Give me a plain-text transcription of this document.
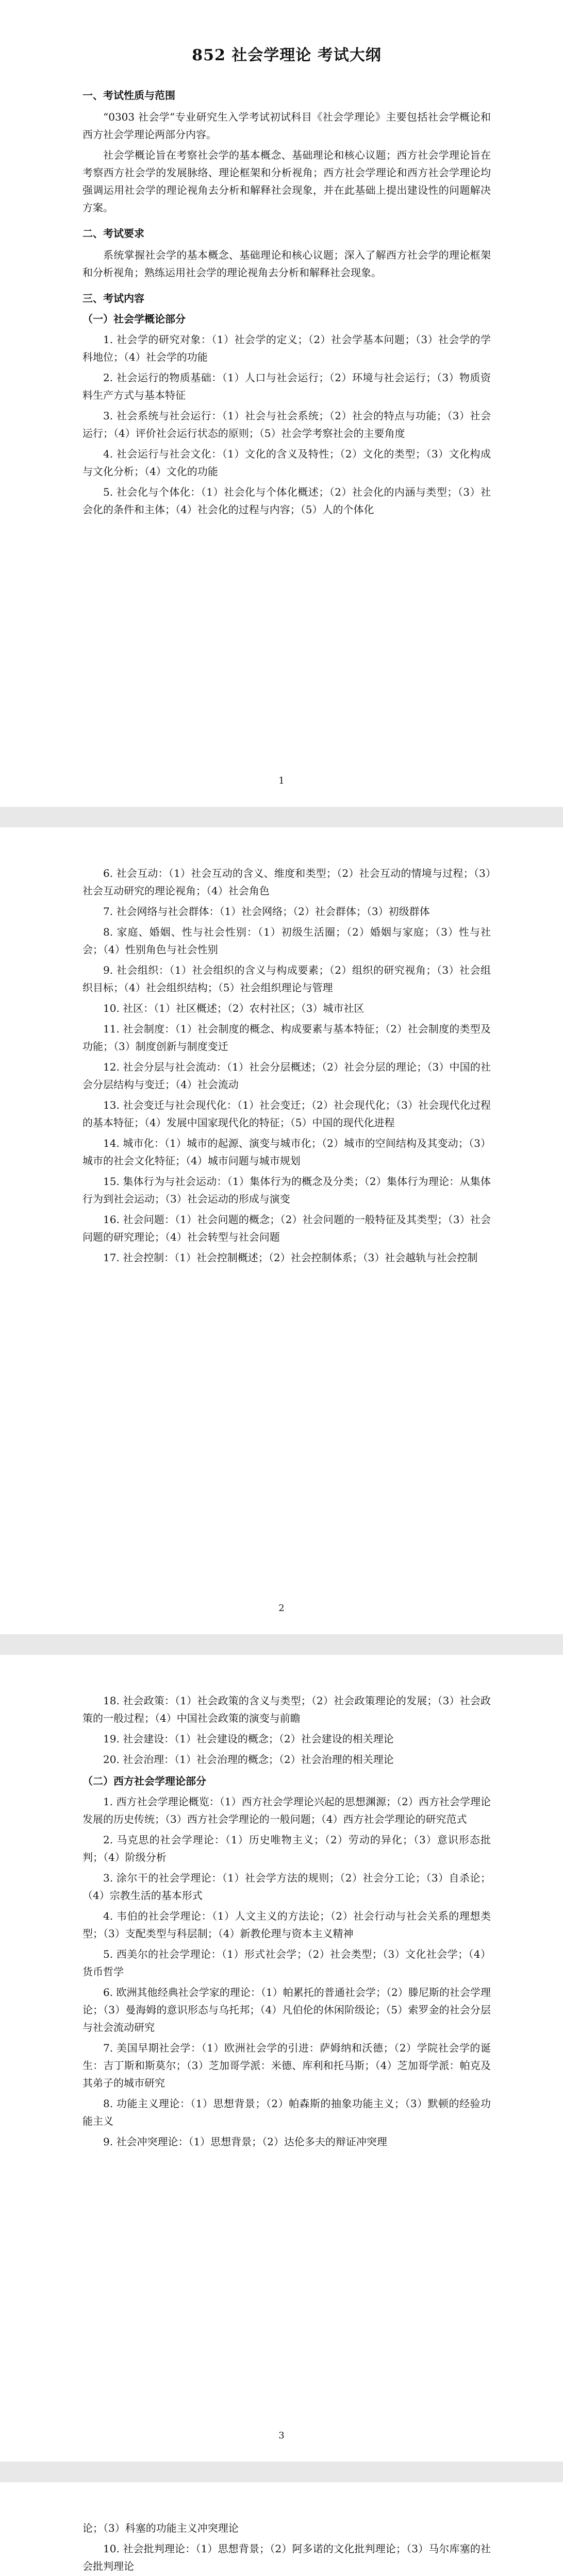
852 社会学理论 考试大纲
一、考试性质与范围
“0303 社会学”专业研究生入学考试初试科目《社会学理论》主要包括社会学概论和西方社会学理论两部分内容。
社会学概论旨在考察社会学的基本概念、基础理论和核心议题；西方社会学理论旨在考察西方社会学的发展脉络、理论框架和分析视角；西方社会学理论和西方社会学理论均强调运用社会学的理论视角去分析和解释社会现象，并在此基础上提出建设性的问题解决方案。
二、考试要求
系统掌握社会学的基本概念、基础理论和核心议题；深入了解西方社会学的理论框架和分析视角；熟练运用社会学的理论视角去分析和解释社会现象。
三、考试内容
（一）社会学概论部分
1. 社会学的研究对象：（1）社会学的定义；（2）社会学基本问题；（3）社会学的学科地位；（4）社会学的功能
2. 社会运行的物质基础：（1）人口与社会运行；（2）环境与社会运行；（3）物质资料生产方式与基本特征
3. 社会系统与社会运行：（1）社会与社会系统；（2）社会的特点与功能；（3）社会运行；（4）评价社会运行状态的原则；（5）社会学考察社会的主要角度
4. 社会运行与社会文化：（1）文化的含义及特性；（2）文化的类型；（3）文化构成与文化分析；（4）文化的功能
5. 社会化与个体化：（1）社会化与个体化概述；（2）社会化的内涵与类型；（3）社会化的条件和主体；（4）社会化的过程与内容；（5）人的个体化
1
6. 社会互动：（1）社会互动的含义、维度和类型；（2）社会互动的情境与过程；（3）社会互动研究的理论视角；（4）社会角色
7. 社会网络与社会群体：（1）社会网络；（2）社会群体；（3）初级群体
8. 家庭、婚姻、性与社会性别：（1）初级生活圈；（2）婚姻与家庭；（3）性与社会；（4）性别角色与社会性别
9. 社会组织：（1）社会组织的含义与构成要素；（2）组织的研究视角；（3）社会组织目标；（4）社会组织结构；（5）社会组织理论与管理
10. 社区：（1）社区概述；（2）农村社区；（3）城市社区
11. 社会制度：（1）社会制度的概念、构成要素与基本特征；（2）社会制度的类型及功能；（3）制度创新与制度变迁
12. 社会分层与社会流动：（1）社会分层概述；（2）社会分层的理论；（3）中国的社会分层结构与变迁；（4）社会流动
13. 社会变迁与社会现代化：（1）社会变迁；（2）社会现代化；（3）社会现代化过程的基本特征；（4）发展中国家现代化的特征；（5）中国的现代化进程
14. 城市化：（1）城市的起源、演变与城市化；（2）城市的空间结构及其变动；（3）城市的社会文化特征；（4）城市问题与城市规划
15. 集体行为与社会运动：（1）集体行为的概念及分类；（2）集体行为理论：从集体行为到社会运动；（3）社会运动的形成与演变
16. 社会问题：（1）社会问题的概念；（2）社会问题的一般特征及其类型；（3）社会问题的研究理论；（4）社会转型与社会问题
17. 社会控制：（1）社会控制概述；（2）社会控制体系；（3）社会越轨与社会控制
2
18. 社会政策：（1）社会政策的含义与类型；（2）社会政策理论的发展；（3）社会政策的一般过程；（4）中国社会政策的演变与前瞻
19. 社会建设：（1）社会建设的概念；（2）社会建设的相关理论
20. 社会治理：（1）社会治理的概念；（2）社会治理的相关理论
（二）西方社会学理论部分
1. 西方社会学理论概览：（1）西方社会学理论兴起的思想渊源；（2）西方社会学理论发展的历史传统；（3）西方社会学理论的一般问题；（4）西方社会学理论的研究范式
2. 马克思的社会学理论：（1）历史唯物主义；（2）劳动的异化；（3）意识形态批判；（4）阶级分析
3. 涂尔干的社会学理论：（1）社会学方法的规则；（2）社会分工论；（3）自杀论；（4）宗教生活的基本形式
4. 韦伯的社会学理论：（1）人文主义的方法论；（2）社会行动与社会关系的理想类型；（3）支配类型与科层制；（4）新教伦理与资本主义精神
5. 西美尔的社会学理论：（1）形式社会学；（2）社会类型；（3）文化社会学；（4）货币哲学
6. 欧洲其他经典社会学家的理论：（1）帕累托的普通社会学；（2）滕尼斯的社会学理论；（3）曼海姆的意识形态与乌托邦；（4）凡伯伦的休闲阶级论；（5）索罗金的社会分层与社会流动研究
7. 美国早期社会学：（1）欧洲社会学的引进：萨姆纳和沃德；（2）学院社会学的诞生：吉丁斯和斯莫尔；（3）芝加哥学派：米德、库利和托马斯；（4）芝加哥学派：帕克及其弟子的城市研究
8. 功能主义理论：（1）思想背景；（2）帕森斯的抽象功能主义；（3）默顿的经验功能主义
9. 社会冲突理论：（1）思想背景；（2）达伦多夫的辩证冲突理
3
论；（3）科塞的功能主义冲突理论
10. 社会批判理论：（1）思想背景；（2）阿多诺的文化批判理论；（3）马尔库塞的社会批判理论
